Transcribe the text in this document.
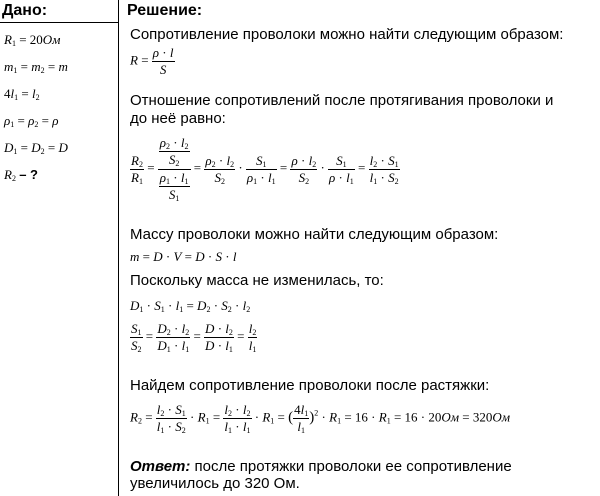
Дано:
$R_1 = 20Ом$
$m_1 = m_2 = m$
$4l_1 = l_2$
$\rho_1 = \rho_2 = \rho$
$D_1 = D_2 = D$
$R_2$ – ?
Решение:
Сопротивление проволоки можно найти следующим образом:
$R = \frac{\rho \cdot l}{S}$
Отношение сопротивлений после протягивания проволоки и
до неё равно:
$\frac{R_2}{R_1} = \frac{\frac{\rho_2 \cdot l_2}{S_2}}{\frac{\rho_1 \cdot l_1}{S_1}} = \frac{\rho_2 \cdot l_2}{S_2} \cdot \frac{S_1}{\rho_1 \cdot l_1} = \frac{\rho \cdot l_2}{S_2} \cdot \frac{S_1}{\rho \cdot l_1} = \frac{l_2 \cdot S_1}{l_1 \cdot S_2}$
Массу проволоки можно найти следующим образом:
m = D · V = D · S · l
Поскольку масса не изменилась, то:
$D_1 \cdot S_1 \cdot l_1 = D_2 \cdot S_2 \cdot l_2$
$\frac{S_1}{S_2} = \frac{D_2 \cdot l_2}{D_1 \cdot l_1} = \frac{D \cdot l_2}{D \cdot l_1} = \frac{l_2}{l_1}$
Найдем сопротивление проволоки после растяжки:
$R_2 = \frac{l_2 \cdot S_1}{l_1 \cdot S_2} \cdot R_1 = \frac{l_2 \cdot l_2}{l_1 \cdot l_1} \cdot R_1$ = ( $\frac{4l_1}{l_1} )^2 \cdot R_1 = 16 \cdot R_1 = 16 \cdot 20Ом = 320Ом$
Ответ: после протяжки проволоки ее сопротивление увеличилось до 320 Ом.
